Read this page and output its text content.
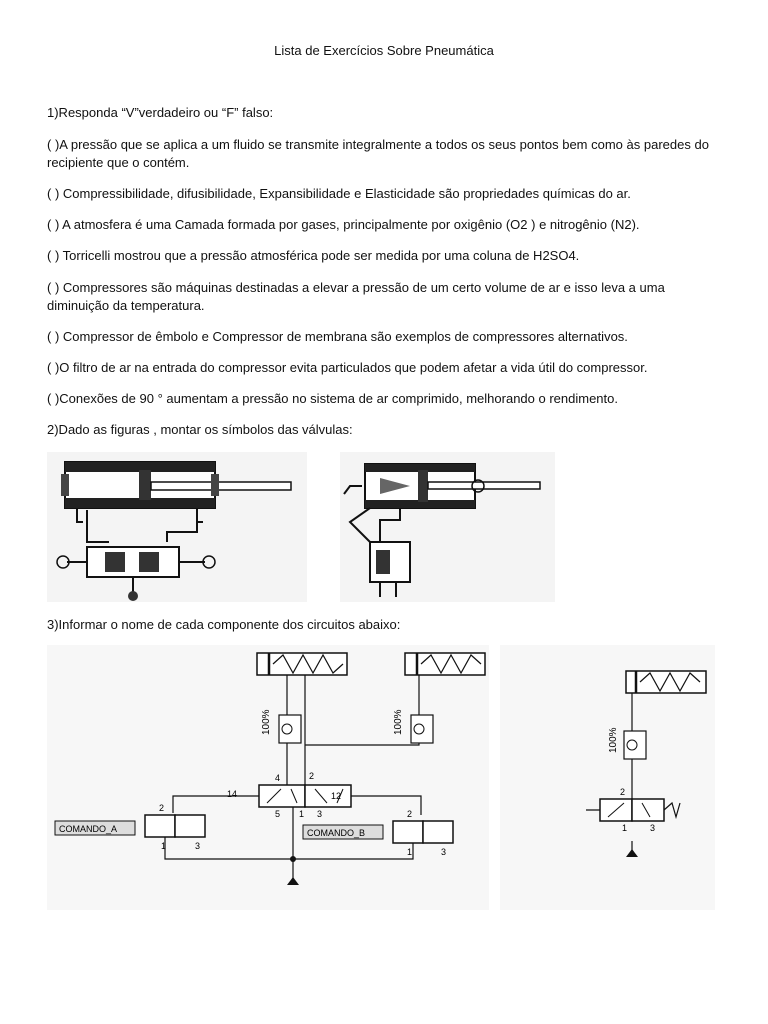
Lista de Exercícios Sobre Pneumática
1)Responda “V”verdadeiro ou “F” falso:
( )A pressão que se aplica a um fluido se transmite integralmente a todos os seus pontos bem como às paredes do recipiente que o contém.
( ) Compressibilidade, difusibilidade, Expansibilidade e Elasticidade são propriedades químicas do ar.
( ) A atmosfera é uma Camada formada por gases, principalmente por oxigênio (O2 ) e nitrogênio (N2).
( ) Torricelli mostrou que a pressão atmosférica pode ser medida por uma coluna de H2SO4.
( ) Compressores são máquinas destinadas a elevar a pressão de um certo volume de ar e isso leva a uma diminuição da temperatura.
( ) Compressor de êmbolo e Compressor de membrana são exemplos de compressores alternativos.
( )O filtro de ar na entrada do compressor evita particulados que podem afetar a vida útil do compressor.
( )Conexões de 90 ° aumentam a pressão no sistema de ar comprimido, melhorando o rendimento.
2)Dado as figuras , montar os símbolos das válvulas:
3)Informar o nome de cada componente dos circuitos abaixo:
100%	100%
4	2
14	12
5 1 3
2
1	3
2
1	3
COMANDO_A	COMANDO_B
100%
2
1	3
